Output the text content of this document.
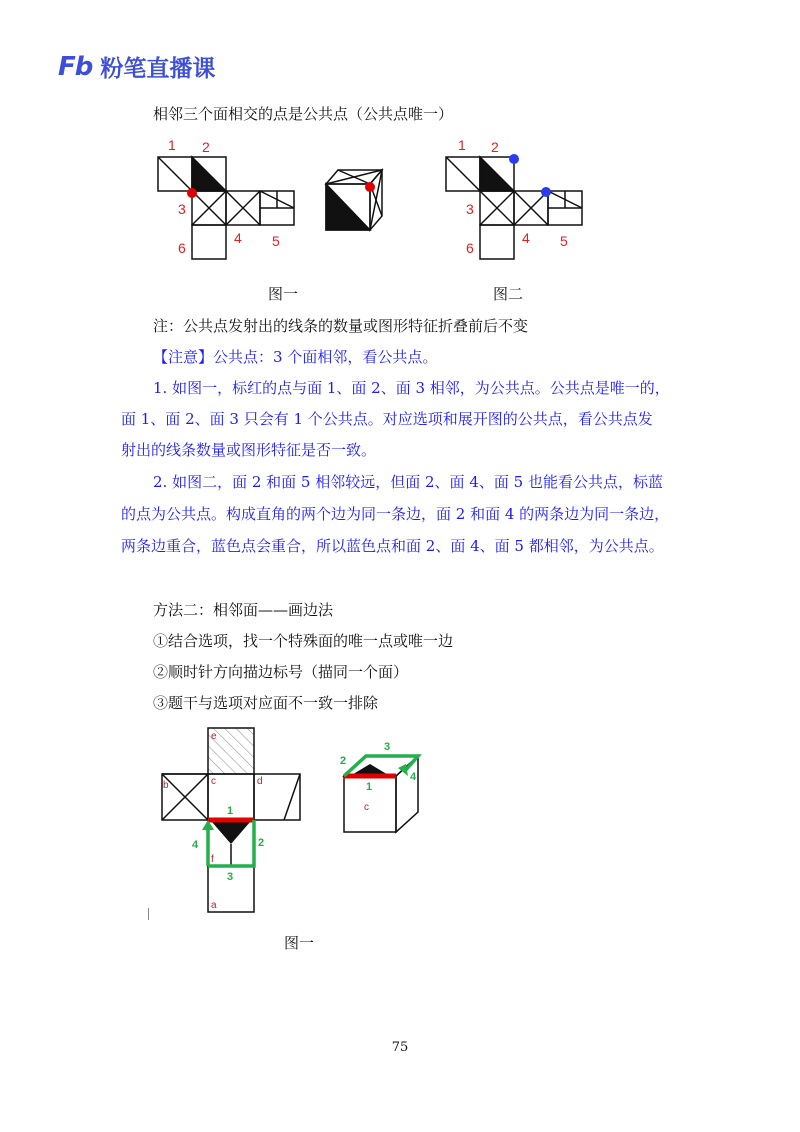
Fb 粉笔直播课
相邻三个面相交的点是公共点（公共点唯一）
1 2
3
4 5
6
1 2
3
4 5
6
图一	图二
注：公共点发射出的线条的数量或图形特征折叠前后不变
【注意】公共点：3 个面相邻，看公共点。
1. 如图一，标红的点与面 1、面 2、面 3 相邻，为公共点。公共点是唯一的，
面 1、面 2、面 3 只会有 1 个公共点。对应选项和展开图的公共点，看公共点发
射出的线条数量或图形特征是否一致。
2. 如图二，面 2 和面 5 相邻较远，但面 2、面 4、面 5 也能看公共点，标蓝
的点为公共点。构成直角的两个边为同一条边，面 2 和面 4 的两条边为同一条边，
两条边重合，蓝色点会重合，所以蓝色点和面 2、面 4、面 5 都相邻，为公共点。
方法二：相邻面——画边法
①结合选项，找一个特殊面的唯一点或唯一边
②顺时针方向描边标号（描同一个面）
③题干与选项对应面不一致一排除
e
b	c	d
f
a
1
2
3
4
1
2
3
4
c
图一
75
